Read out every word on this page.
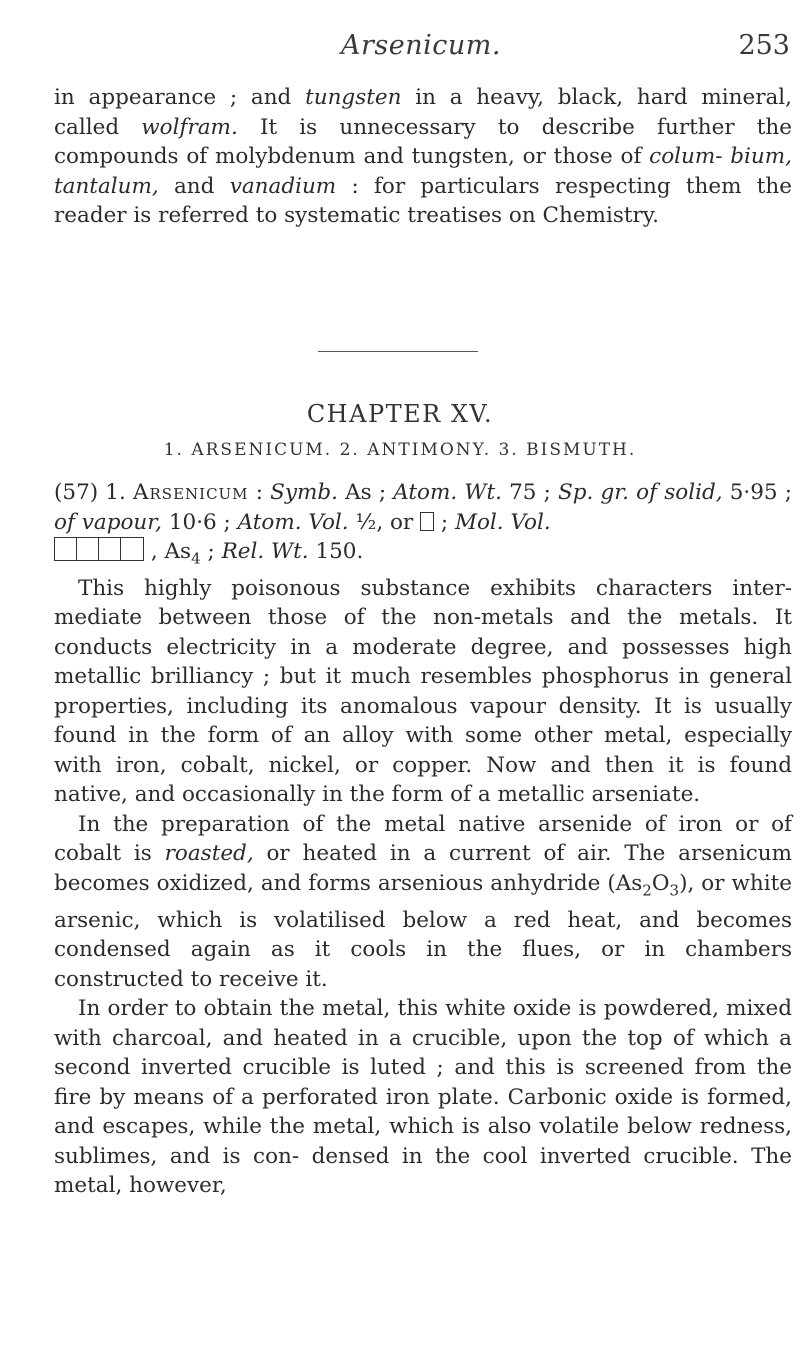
Arsenicum.	253

in appearance ; and tungsten in a heavy, black, hard mineral, called wolfram. It is unnecessary to describe further the compounds of molybdenum and tungsten, or those of colum- bium, tantalum, and vanadium : for particulars respecting them the reader is referred to systematic treatises on Chemistry.

CHAPTER XV.
1. ARSENICUM. 2. ANTIMONY. 3. BISMUTH.

(57) 1. Arsenicum : Symb. As ; Atom. Wt. 75 ; Sp. gr. of solid, 5·95 ; of vapour, 10·6 ; Atom. Vol. ½, or  ; Mol. Vol.

, $As_4$ ; Rel. Wt. 150.

This highly poisonous substance exhibits characters inter- mediate between those of the non-metals and the metals. It conducts electricity in a moderate degree, and possesses high metallic brilliancy ; but it much resembles phosphorus in general properties, including its anomalous vapour density. It is usually found in the form of an alloy with some other metal, especially with iron, cobalt, nickel, or copper. Now and then it is found native, and occasionally in the form of a metallic arseniate.

In the preparation of the metal native arsenide of iron or of cobalt is roasted, or heated in a current of air. The arsenicum becomes oxidized, and forms arsenious anhydride $(As_2O_3)$, or white arsenic, which is volatilised below a red heat, and becomes condensed again as it cools in the flues, or in chambers constructed to receive it.

In order to obtain the metal, this white oxide is powdered, mixed with charcoal, and heated in a crucible, upon the top of which a second inverted crucible is luted ; and this is screened from the fire by means of a perforated iron plate. Carbonic oxide is formed, and escapes, while the metal, which is also volatile below redness, sublimes, and is con- densed in the cool inverted crucible. The metal, however,
